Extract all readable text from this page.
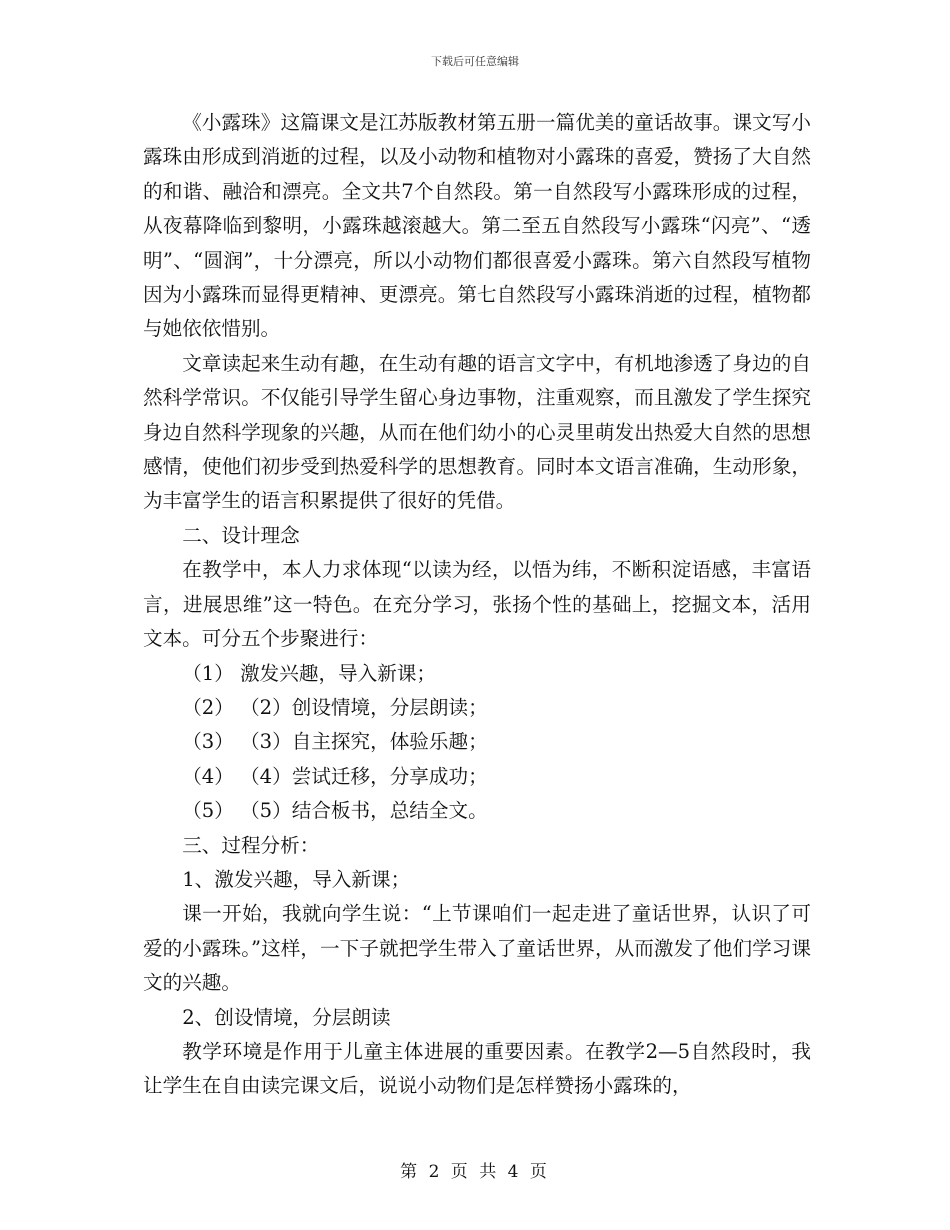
下载后可任意编辑

《小露珠》这篇课文是江苏版教材第五册一篇优美的童话故事。课文写小露珠由形成到消逝的过程，以及小动物和植物对小露珠的喜爱，赞扬了大自然的和谐、融洽和漂亮。全文共7个自然段。第一自然段写小露珠形成的过程，从夜幕降临到黎明，小露珠越滚越大。第二至五自然段写小露珠“闪亮”、“透明”、“圆润”，十分漂亮，所以小动物们都很喜爱小露珠。第六自然段写植物因为小露珠而显得更精神、更漂亮。第七自然段写小露珠消逝的过程，植物都与她依依惜别。

文章读起来生动有趣，在生动有趣的语言文字中，有机地渗透了身边的自然科学常识。不仅能引导学生留心身边事物，注重观察，而且激发了学生探究身边自然科学现象的兴趣，从而在他们幼小的心灵里萌发出热爱大自然的思想感情，使他们初步受到热爱科学的思想教育。同时本文语言准确，生动形象，为丰富学生的语言积累提供了很好的凭借。

二、设计理念

在教学中，本人力求体现“以读为经，以悟为纬，不断积淀语感，丰富语言，进展思维”这一特色。在充分学习，张扬个性的基础上，挖掘文本，活用文本。可分五个步聚进行：

（1） 激发兴趣，导入新课；

（2） （2）创设情境，分层朗读；

（3） （3）自主探究，体验乐趣；

（4） （4）尝试迁移，分享成功；

（5） （5）结合板书，总结全文。

三、过程分析：

1、激发兴趣，导入新课；

课一开始，我就向学生说：“上节课咱们一起走进了童话世界，认识了可爱的小露珠。”这样，一下子就把学生带入了童话世界，从而激发了他们学习课文的兴趣。

2、创设情境，分层朗读

教学环境是作用于儿童主体进展的重要因素。在教学2—5自然段时，我让学生在自由读完课文后，说说小动物们是怎样赞扬小露珠的，

第 2 页 共 4 页
